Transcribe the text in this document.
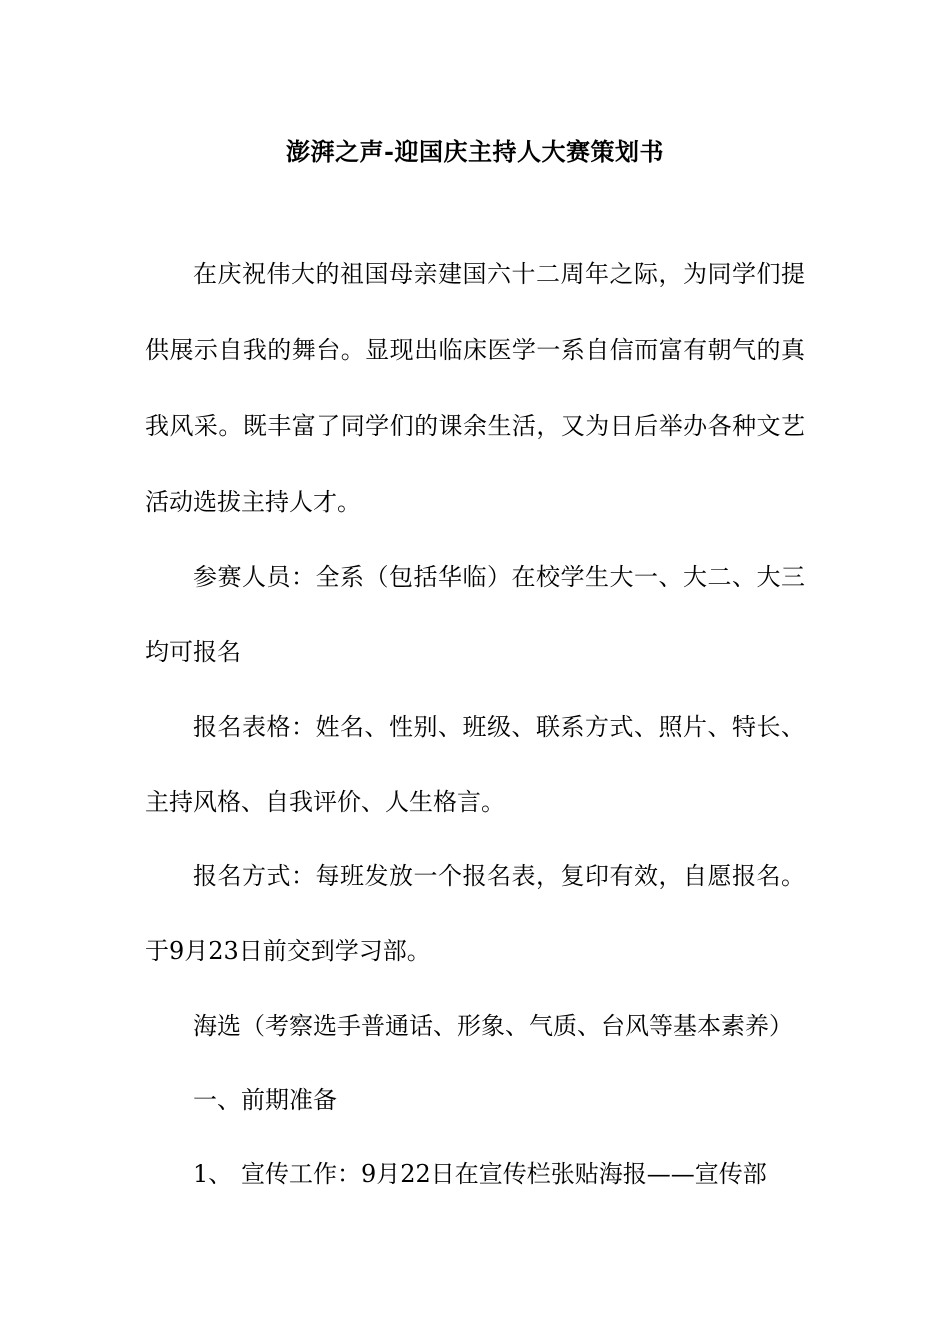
澎湃之声-迎国庆主持人大赛策划书
在庆祝伟大的祖国母亲建国六十二周年之际，为同学们提
供展示自我的舞台。显现出临床医学一系自信而富有朝气的真
我风采。既丰富了同学们的课余生活，又为日后举办各种文艺
活动选拔主持人才。
参赛人员：全系（包括华临）在校学生大一、大二、大三
均可报名
报名表格：姓名、性别、班级、联系方式、照片、特长、
主持风格、自我评价、人生格言。
报名方式：每班发放一个报名表，复印有效，自愿报名。
于9月23日前交到学习部。
海选（考察选手普通话、形象、气质、台风等基本素养）
一、前期准备
1、 宣传工作：9月22日在宣传栏张贴海报——宣传部
